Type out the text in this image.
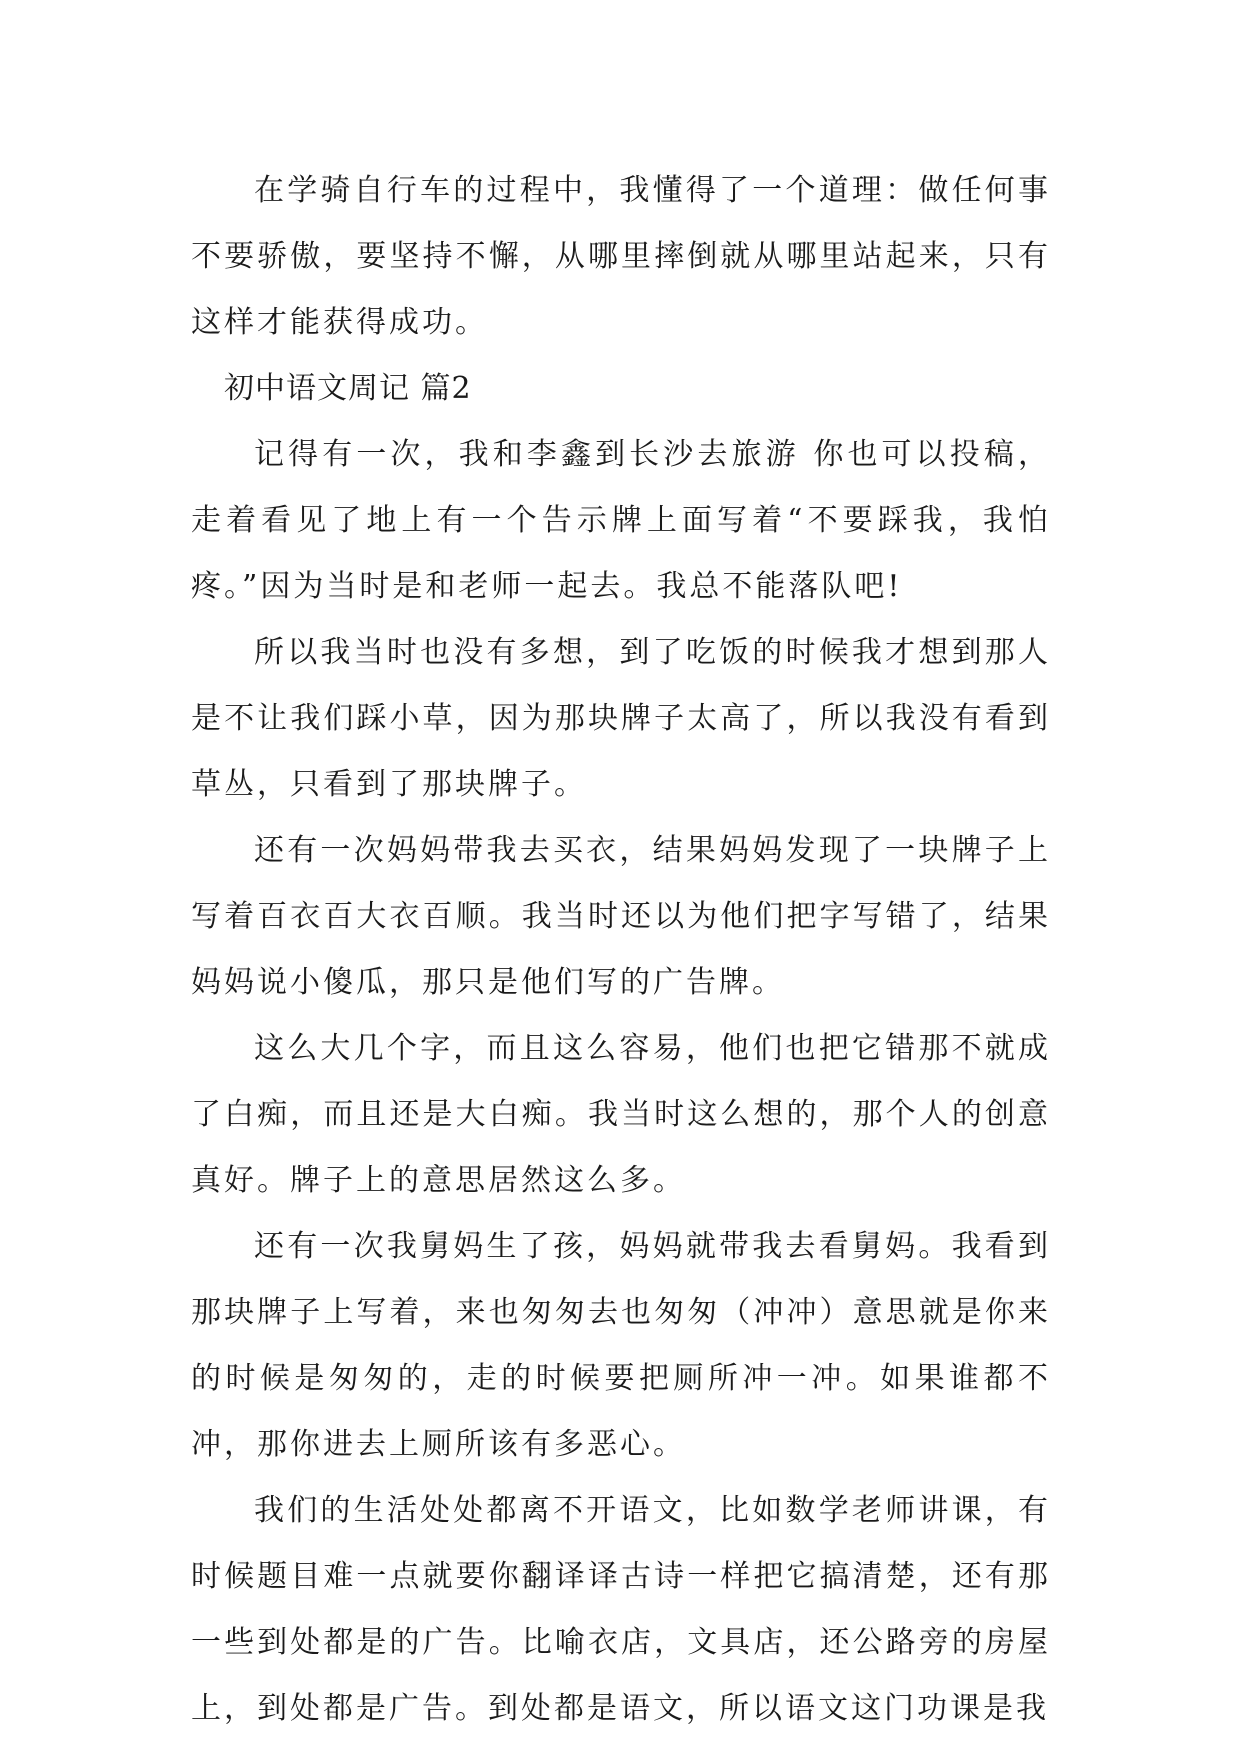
在学骑自行车的过程中，我懂得了一个道理：做任何事不要骄傲，要坚持不懈，从哪里摔倒就从哪里站起来，只有这样才能获得成功。

初中语文周记 篇2

记得有一次，我和李鑫到长沙去旅游 你也可以投稿，走着看见了地上有一个告示牌上面写着“不要踩我，我怕疼。”因为当时是和老师一起去。我总不能落队吧!

所以我当时也没有多想，到了吃饭的时候我才想到那人是不让我们踩小草，因为那块牌子太高了，所以我没有看到草丛，只看到了那块牌子。

还有一次妈妈带我去买衣，结果妈妈发现了一块牌子上写着百衣百大衣百顺。我当时还以为他们把字写错了，结果妈妈说小傻瓜，那只是他们写的广告牌。

这么大几个字，而且这么容易，他们也把它错那不就成了白痴，而且还是大白痴。我当时这么想的，那个人的创意真好。牌子上的意思居然这么多。

还有一次我舅妈生了孩，妈妈就带我去看舅妈。我看到那块牌子上写着，来也匆匆去也匆匆（冲冲）意思就是你来的时候是匆匆的，走的时候要把厕所冲一冲。如果谁都不冲，那你进去上厕所该有多恶心。

我们的生活处处都离不开语文，比如数学老师讲课，有时候题目难一点就要你翻译译古诗一样把它搞清楚，还有那一些到处都是的广告。比喻衣店，文具店，还公路旁的房屋上，到处都是广告。到处都是语文，所以语文这门功课是我
